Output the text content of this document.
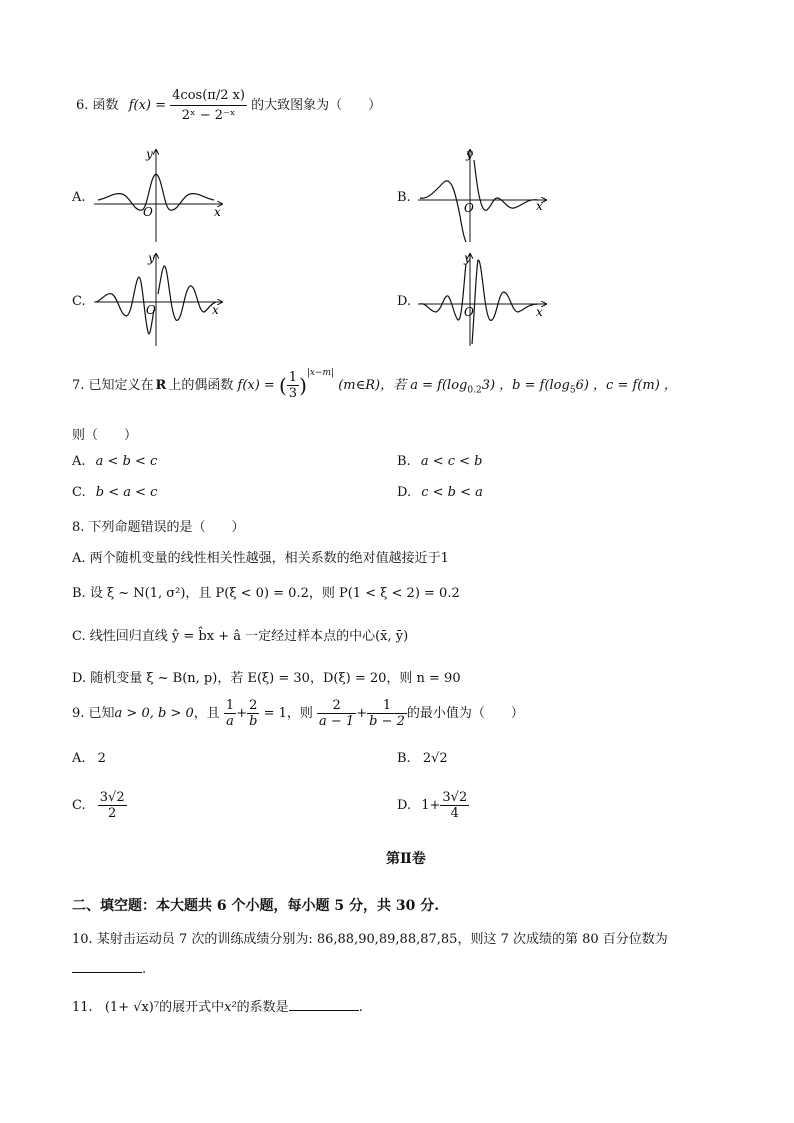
6. 函数 $f(x) = \frac{4\cos(\pi/2 x)}{\text{2ˣ − 2⁻ˣ}}$ 的大致图象为（　　）
A.	B.
C.	D.
y
x
O
y
x
O
y
x
O
y
x
O
7. 已知定义在 R 上的偶函数 f(x) = ( $\frac{1}{3} )^{|x-m|}$ (m∈R)，若 $a = f(\log_{0.2}3)$ ，$b = f(\log_56)$ ，c = f(m) ，
则（　　）
A. a < b < c	B. a < c < b
C. b < a < c	D. c < b < a
8. 下列命题错误的是（　　）
A. 两个随机变量的线性相关性越强，相关系数的绝对值越接近于1
B. 设 ξ ~ N(1, σ²)，且 P(ξ < 0) = 0.2，则 P(1 < ξ < 2) = 0.2
C. 线性回归直线 ŷ = b̂x + â 一定经过样本点的中心(x̄, ȳ)
D. 随机变量 ξ ~ B(n, p)，若 E(ξ) = 30，D(ξ) = 20，则 n = 90
9. 已知a > 0, b > 0，且 $\frac{1}{a} + \frac{2}{b} = 1$，则 $\frac{2}{a - 1} + \frac{1}{b - 2}$ 的最小值为（　　）
A. 2	B. 2√2
C. $\frac{3√2}{2}$	D. $1+ \frac{3√2}{4}$
第Ⅱ卷
二、填空题：本大题共 6 个小题，每小题 5 分，共 30 分.
10. 某射击运动员 7 次的训练成绩分别为: 86,88,90,89,88,87,85，则这 7 次成绩的第 80 百分位数为
.
11. (1+ √x)⁷的展开式中x²的系数是	.
